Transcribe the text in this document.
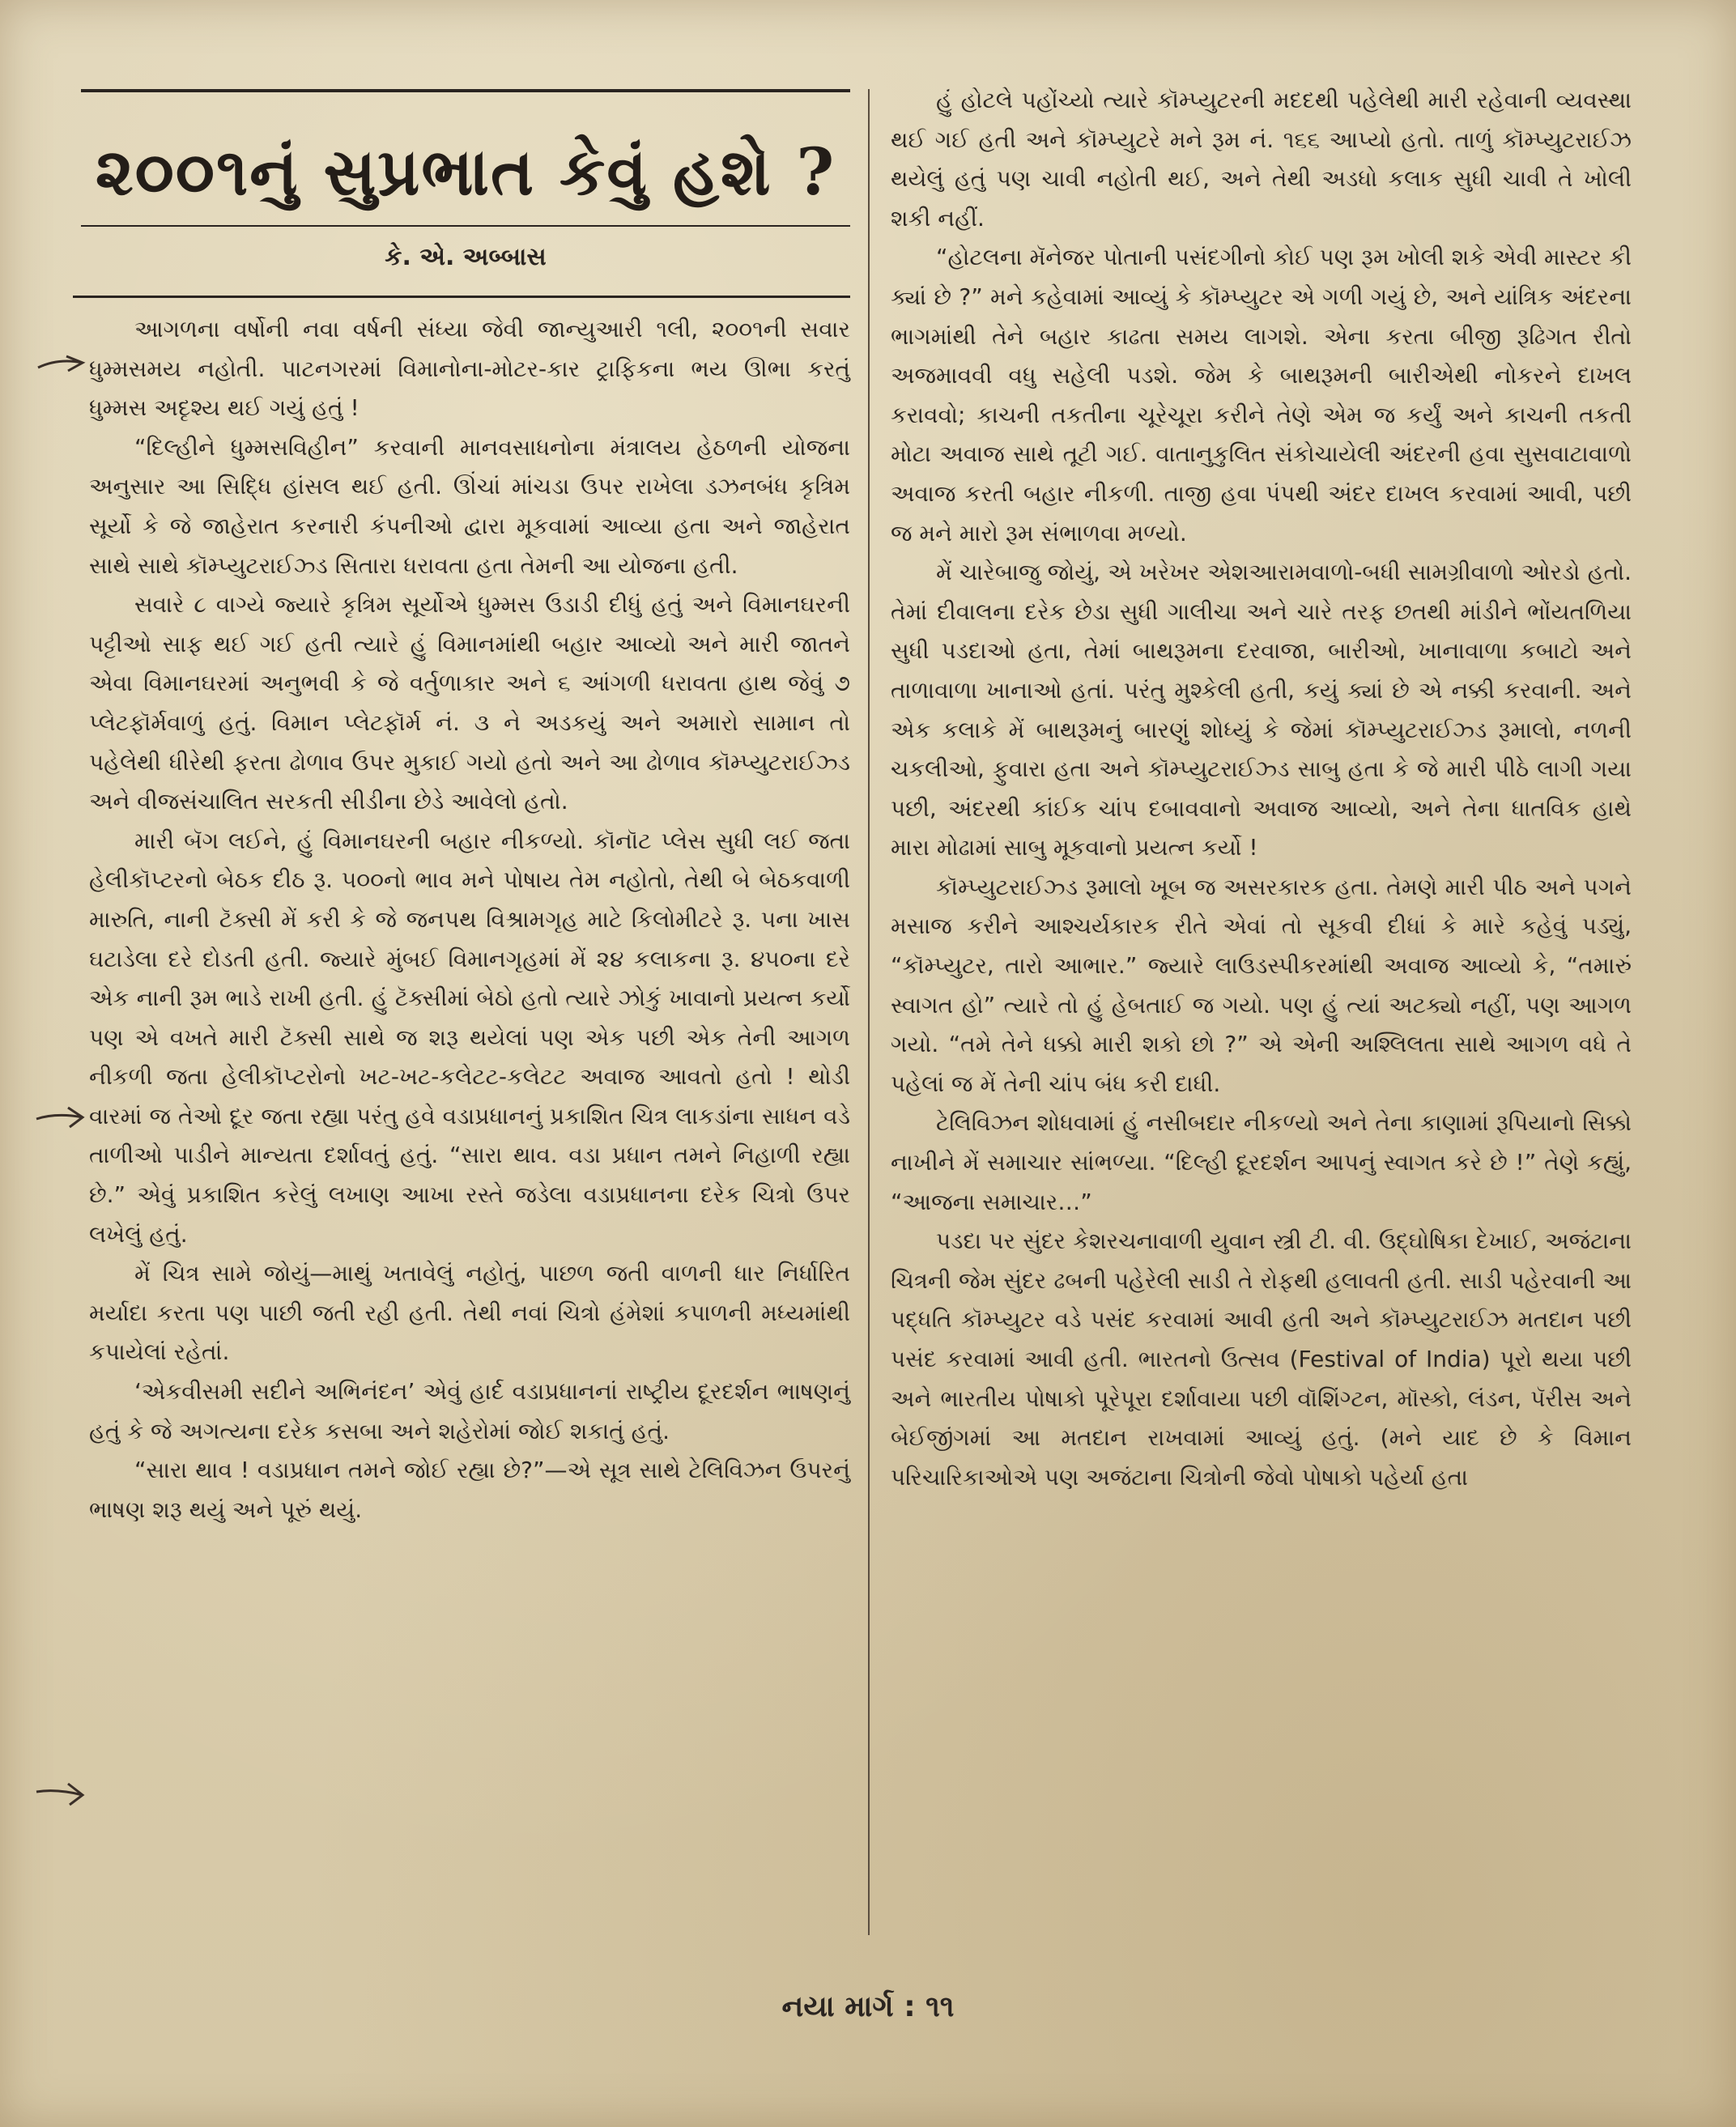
૨૦૦૧નું સુપ્રભાત કેવું હશે ?
કે. એ. અબ્બાસ

આગળના વર્ષોની નવા વર્ષની સંધ્યા જેવી જાન્યુઆરી ૧લી, ૨૦૦૧ની સવાર ધુમ્મસમય નહોતી. પાટનગરમાં વિમાનોના-મોટર-કાર ટ્રાફિકના ભય ઊભા કરતું ધુમ્મસ અદૃશ્ય થઈ ગયું હતું !

“દિલ્હીને ધુમ્મસવિહીન” કરવાની માનવસાધનોના મંત્રાલય હેઠળની યોજના અનુસાર આ સિદ્ધિ હાંસલ થઈ હતી. ઊંચાં માંચડા ઉપર રાખેલા ડઝનબંધ કૃત્રિમ સૂર્યો કે જે જાહેરાત કરનારી કંપનીઓ દ્વારા મૂકવામાં આવ્યા હતા અને જાહેરાત સાથે સાથે કૉમ્પ્યુટરાઈઝ્ડ સિતારા ધરાવતા હતા તેમની આ યોજના હતી.

સવારે ૮ વાગ્યે જ્યારે કૃત્રિમ સૂર્યોએ ધુમ્મસ ઉડાડી દીધું હતું અને વિમાનઘરની પટ્ટીઓ સાફ થઈ ગઈ હતી ત્યારે હું વિમાનમાંથી બહાર આવ્યો અને મારી જાતને એવા વિમાનઘરમાં અનુભવી કે જે વર્તુળાકાર અને ૬ આંગળી ધરાવતા હાથ જેવું ૭ પ્લેટફૉર્મવાળું હતું. વિમાન પ્લેટફૉર્મ નં. ૩ ને અડકયું અને અમારો સામાન તો પહેલેથી ધીરેથી ફરતા ઢોળાવ ઉપર મુકાઈ ગયો હતો અને આ ઢોળાવ કૉમ્પ્યુટરાઈઝ્ડ અને વીજસંચાલિત સરકતી સીડીના છેડે આવેલો હતો.

મારી બૅગ લઈને, હું વિમાનઘરની બહાર નીકળ્યો. કૉનૉટ પ્લેસ સુધી લઈ જતા હેલીકૉપ્ટરનો બેઠક દીઠ રૂ. ૫૦૦નો ભાવ મને પોષાય તેમ નહોતો, તેથી બે બેઠકવાળી મારુતિ, નાની ટૅક્સી મેં કરી કે જે જનપથ વિશ્રામગૃહ માટે કિલોમીટરે રૂ. ૫ના ખાસ ઘટાડેલા દરે દોડતી હતી. જ્યારે મુંબઈ વિમાનગૃહમાં મેં ૨૪ કલાકના રૂ. ૪૫૦ના દરે એક નાની રૂમ ભાડે રાખી હતી. હું ટૅક્સીમાં બેઠો હતો ત્યારે ઝોકું ખાવાનો પ્રયત્ન કર્યો પણ એ વખતે મારી ટૅક્સી સાથે જ શરૂ થયેલાં પણ એક પછી એક તેની આગળ નીકળી જતા હેલીકૉપ્ટરોનો ખટ-ખટ-કલેટટ-કલેટટ અવાજ આવતો હતો ! થોડી વારમાં જ તેઓ દૂર જતા રહ્યા પરંતુ હવે વડાપ્રધાનનું પ્રકાશિત ચિત્ર લાકડાંના સાધન વડે તાળીઓ પાડીને માન્યતા દર્શાવતું હતું. “સારા થાવ. વડા પ્રધાન તમને નિહાળી રહ્યા છે.” એવું પ્રકાશિત કરેલું લખાણ આખા રસ્તે જડેલા વડાપ્રધાનના દરેક ચિત્રો ઉપર લખેલું હતું.

મેં ચિત્ર સામે જોયું—માથું ખતાવેલું નહોતું, પાછળ જતી વાળની ધાર નિર્ધારિત મર્યાદા કરતા પણ પાછી જતી રહી હતી. તેથી નવાં ચિત્રો હંમેશાં કપાળની મધ્યમાંથી કપાયેલાં રહેતાં.

‘એકવીસમી સદીને અભિનંદન’ એવું હાર્દ વડાપ્રધાનનાં રાષ્ટ્રીય દૂરદર્શન ભાષણનું હતું કે જે અગત્યના દરેક કસબા અને શહેરોમાં જોઈ શકાતું હતું.

“સારા થાવ ! વડાપ્રધાન તમને જોઈ રહ્યા છે?”—એ સૂત્ર સાથે ટેલિવિઝન ઉપરનું ભાષણ શરૂ થયું અને પૂરું થયું.

હું હોટલે પહોંચ્યો ત્યારે કૉમ્પ્યુટરની મદદથી પહેલેથી મારી રહેવાની વ્યવસ્થા થઈ ગઈ હતી અને કૉમ્પ્યુટરે મને રૂમ નં. ૧૬૬ આપ્યો હતો. તાળું કૉમ્પ્યુટરાઈઝ થયેલું હતું પણ ચાવી નહોતી થઈ, અને તેથી અડધો કલાક સુધી ચાવી તે ખોલી શકી નહીં.

“હોટલના મૅનેજર પોતાની પસંદગીનો કોઈ પણ રૂમ ખોલી શકે એવી માસ્ટર કી ક્યાં છે ?” મને કહેવામાં આવ્યું કે કૉમ્પ્યુટર એ ગળી ગયું છે, અને યાંત્રિક અંદરના ભાગમાંથી તેને બહાર કાઢતા સમય લાગશે. એના કરતા બીજી રૂઢિગત રીતો અજમાવવી વધુ સહેલી પડશે. જેમ કે બાથરૂમની બારીએથી નોકરને દાખલ કરાવવો; કાચની તકતીના ચૂરેચૂરા કરીને તેણે એમ જ કર્યું અને કાચની તકતી મોટા અવાજ સાથે તૂટી ગઈ. વાતાનુકુલિત સંકોચાયેલી અંદરની હવા સુસવાટાવાળો અવાજ કરતી બહાર નીકળી. તાજી હવા પંપથી અંદર દાખલ કરવામાં આવી, પછી જ મને મારો રૂમ સંભાળવા મળ્યો.

મેં ચારેબાજુ જોયું, એ ખરેખર એશઆરામવાળો-બધી સામગ્રીવાળો ઓરડો હતો. તેમાં દીવાલના દરેક છેડા સુધી ગાલીચા અને ચારે તરફ છતથી માંડીને ભોંયતળિયા સુધી પડદાઓ હતા, તેમાં બાથરૂમના દરવાજા, બારીઓ, ખાનાવાળા કબાટો અને તાળાવાળા ખાનાઓ હતાં. પરંતુ મુશ્કેલી હતી, કયું ક્યાં છે એ નક્કી કરવાની. અને એક કલાકે મેં બાથરૂમનું બારણું શોધ્યું કે જેમાં કૉમ્પ્યુટરાઈઝ્ડ રૂમાલો, નળની ચકલીઓ, ફુવારા હતા અને કૉમ્પ્યુટરાઈઝ્ડ સાબુ હતા કે જે મારી પીઠે લાગી ગયા પછી, અંદરથી કાંઈક ચાંપ દબાવવાનો અવાજ આવ્યો, અને તેના ધાતવિક હાથે મારા મોઢામાં સાબુ મૂકવાનો પ્રયત્ન કર્યો !

કૉમ્પ્યુટરાઈઝ્ડ રૂમાલો ખૂબ જ અસરકારક હતા. તેમણે મારી પીઠ અને પગને મસાજ કરીને આશ્ચર્યકારક રીતે એવાં તો સૂકવી દીધાં કે મારે કહેવું પડ્યું, “કૉમ્પ્યુટર, તારો આભાર.” જ્યારે લાઉડસ્પીકરમાંથી અવાજ આવ્યો કે, “તમારું સ્વાગત હો” ત્યારે તો હું હેબતાઈ જ ગયો. પણ હું ત્યાં અટક્યો નહીં, પણ આગળ ગયો. “તમે તેને ધક્કો મારી શકો છો ?” એ એની અશ્લિલતા સાથે આગળ વધે તે પહેલાં જ મેં તેની ચાંપ બંધ કરી દાધી.

ટેલિવિઝન શોધવામાં હું નસીબદાર નીકળ્યો અને તેના કાણામાં રૂપિયાનો સિક્કો નાખીને મેં સમાચાર સાંભળ્યા. “દિલ્હી દૂરદર્શન આપનું સ્વાગત કરે છે !” તેણે કહ્યું, “આજના સમાચાર…”

પડદા પર સુંદર કેશરચનાવાળી યુવાન સ્ત્રી ટી. વી. ઉદ્ઘોષિકા દેખાઈ, અજંટાના ચિત્રની જેમ સુંદર ઢબની પહેરેલી સાડી તે રોફથી હલાવતી હતી. સાડી પહેરવાની આ પદ્ધતિ કૉમ્પ્યુટર વડે પસંદ કરવામાં આવી હતી અને કૉમ્પ્યુટરાઈઝ મતદાન પછી પસંદ કરવામાં આવી હતી. ભારતનો ઉત્સવ (Festival of India) પૂરો થયા પછી અને ભારતીય પોષાકો પૂરેપૂરા દર્શાવાયા પછી વૉશિંગ્ટન, મૉસ્કો, લંડન, પૅરીસ અને બેઈજીંગમાં આ મતદાન રાખવામાં આવ્યું હતું. (મને યાદ છે કે વિમાન પરિચારિકાઓએ પણ અજંટાના ચિત્રોની જેવો પોષાકો પહેર્યા હતા

નયા માર્ગ : ૧૧
